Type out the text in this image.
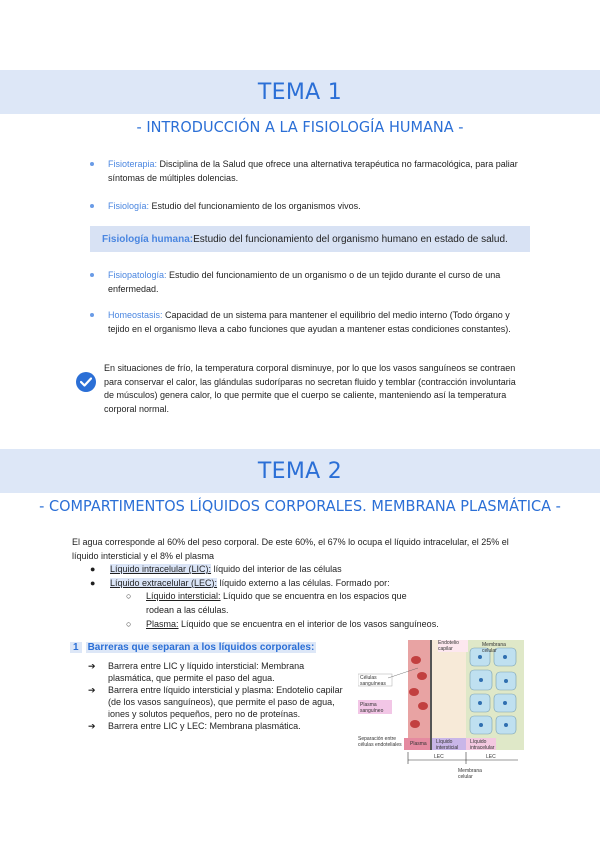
TEMA 1
- INTRODUCCIÓN A LA FISIOLOGÍA HUMANA -
Fisioterapia: Disciplina de la Salud que ofrece una alternativa terapéutica no farmacológica, para paliar síntomas de múltiples dolencias.
Fisiología: Estudio del funcionamiento de los organismos vivos.
Fisiología humana: Estudio del funcionamiento del organismo humano en estado de salud.
Fisiopatología: Estudio del funcionamiento de un organismo o de un tejido durante el curso de una enfermedad.
Homeostasis: Capacidad de un sistema para mantener el equilibrio del medio interno (Todo órgano y tejido en el organismo lleva a cabo funciones que ayudan a mantener estas condiciones constantes).
En situaciones de frío, la temperatura corporal disminuye, por lo que los vasos sanguíneos se contraen para conservar el calor, las glándulas sudoríparas no secretan fluido y temblar (contracción involuntaria de músculos) genera calor, lo que permite que el cuerpo se caliente, manteniendo así la temperatura corporal normal.
TEMA 2
- COMPARTIMENTOS LÍQUIDOS CORPORALES. MEMBRANA PLASMÁTICA -
El agua corresponde al 60% del peso corporal. De este 60%, el 67% lo ocupa el líquido intracelular, el 25% el líquido intersticial y el 8% el plasma
● Líquido intracelular (LIC): líquido del interior de las células
● Líquido extracelular (LEC): líquido externo a las células. Formado por:
○ Líquido intersticial: Líquido que se encuentra en los espacios que rodean a las células.
○ Plasma: Líquido que se encuentra en el interior de los vasos sanguíneos.
1 Barreras que separan a los líquidos corporales:
➔ Barrera entre LIC y líquido intersticial: Membrana plasmática, que permite el paso del agua.
➔ Barrera entre líquido intersticial y plasma: Endotelio capilar (de los vasos sanguíneos), que permite el paso de agua, iones y solutos pequeños, pero no de proteínas.
➔ Barrera entre LIC y LEC: Membrana plasmática.
Endotelio capilar
Membrana celular
Células sanguíneas
Plasma sanguíneo
Separación entre células endoteliales Plasma	Líquido intersticial
Líquido intracelular
LEC	LEC
Membrana celular
